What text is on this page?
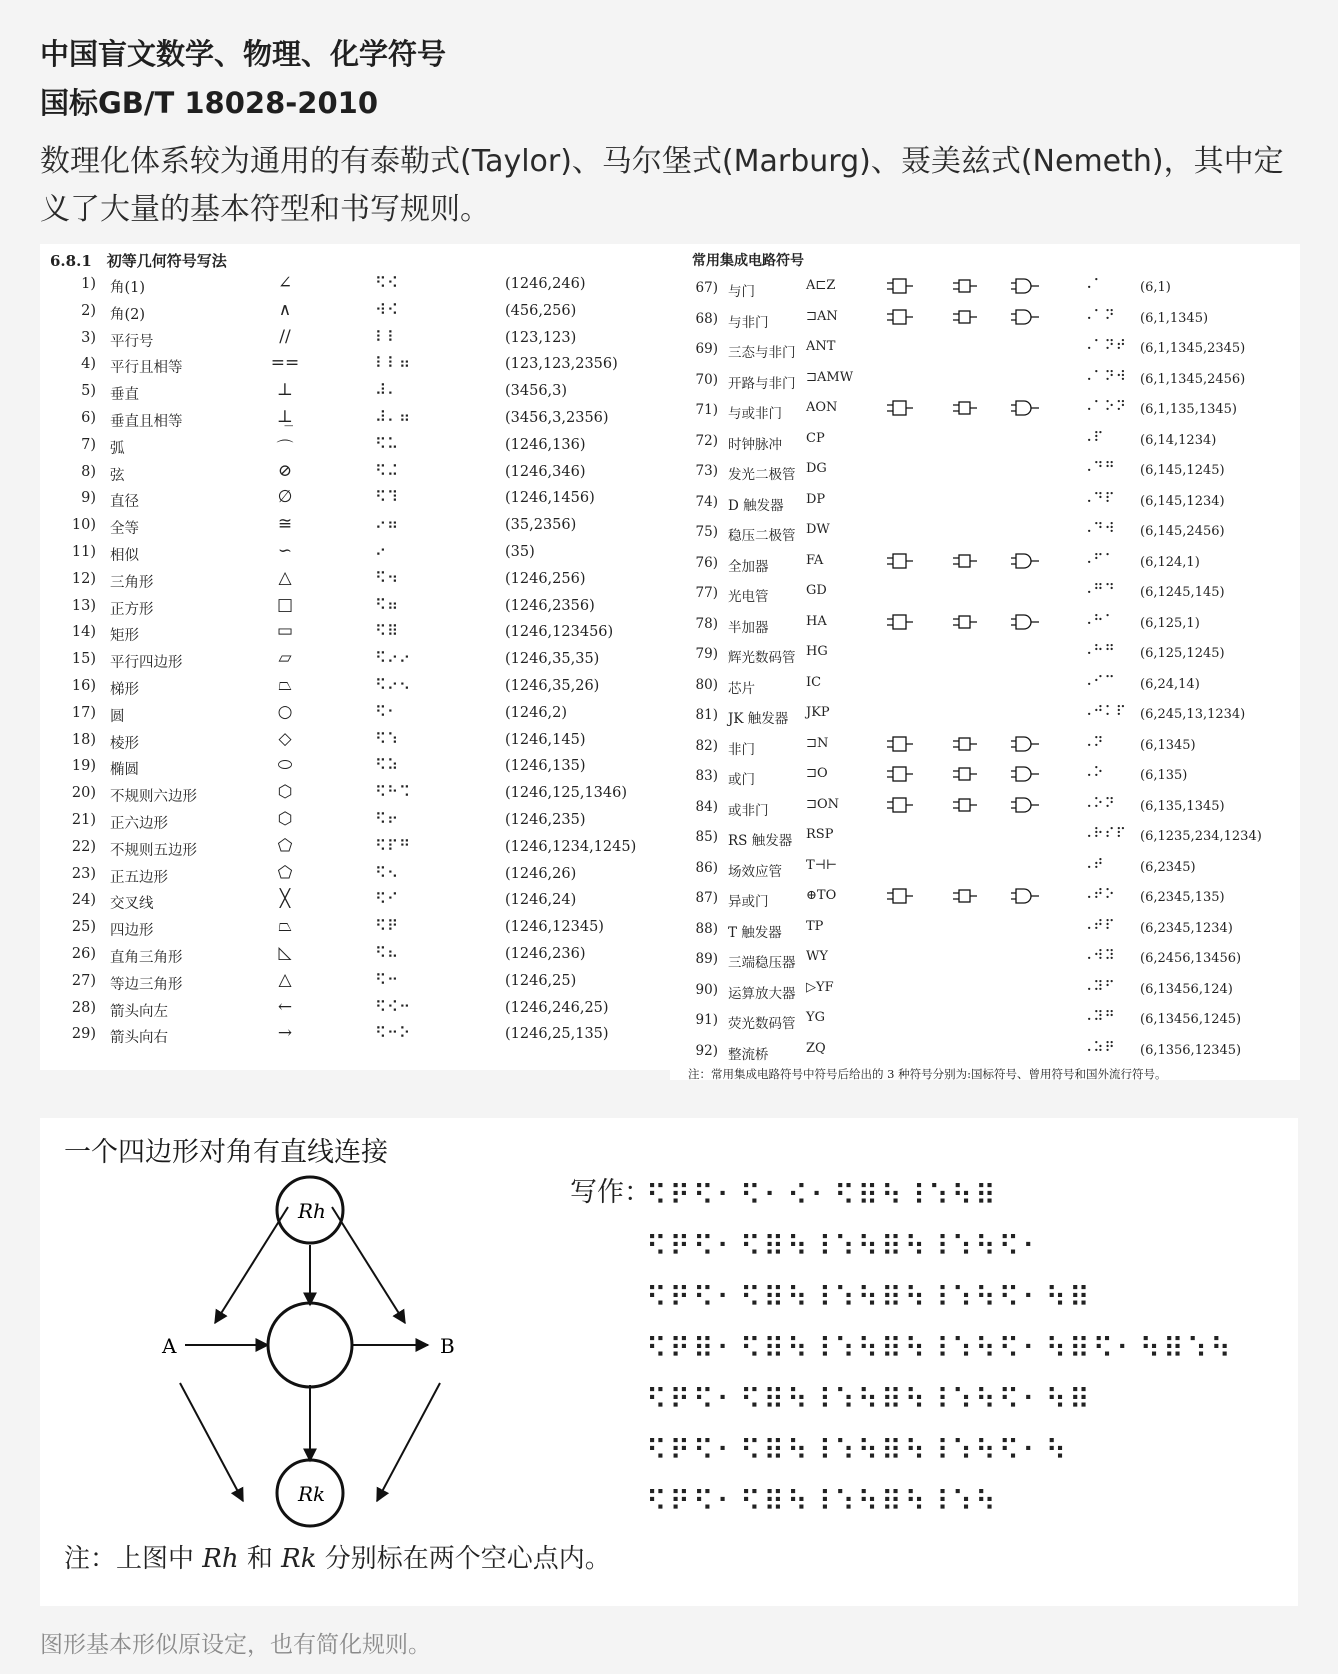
中国盲文数学、物理、化学符号
国标GB/T 18028-2010
数理化体系较为通用的有泰勒式(Taylor)、马尔堡式(Marburg)、聂美兹式(Nemeth)，其中定义了大量的基本符型和书写规则。
6.8.1　初等几何符号写法
1) 角(1)	∠	⠫⠪	(1246,246)
2) 角(2)	∧	⠺⠪	(456,256)
3) 平行号	//	⠇⠇	(123,123)
4) 平行且相等	==	⠇⠇⠶	(123,123,2356)
5) 垂直	⊥	⠼⠄	(3456,3)
6) 垂直且相等	⊥̲	⠼⠄⠶	(3456,3,2356)
7) 弧	⌒	⠫⠥	(1246,136)
8) 弦	⊘	⠫⠬	(1246,346)
9) 直径	∅	⠫⠹	(1246,1456)
10) 全等	≅	⠔⠶	(35,2356)
11) 相似	∽	⠔	(35)
12) 三角形	△	⠫⠲	(1246,256)
13) 正方形	□	⠫⠶	(1246,2356)
14) 矩形	▭	⠫⠿	(1246,123456)
15) 平行四边形	▱	⠫⠔⠔	(1246,35,35)
16) 梯形	⏢	⠫⠔⠢	(1246,35,26)
17) 圆	○	⠫⠂	(1246,2)
18) 棱形	◇	⠫⠱	(1246,145)
19) 椭圆	⬭	⠫⠵	(1246,135)
20) 不规则六边形	⬡	⠫⠓⠩	(1246,125,1346)
21) 正六边形	⬡	⠫⠖	(1246,235)
22) 不规则五边形	⬠	⠫⠏⠛	(1246,1234,1245)
23) 正五边形	⬠	⠫⠢	(1246,26)
24) 交叉线	╳	⠫⠊	(1246,24)
25) 四边形	⏢	⠫⠟	(1246,12345)
26) 直角三角形	◺	⠫⠦	(1246,236)
27) 等边三角形	△	⠫⠒	(1246,25)
28) 箭头向左	←	⠫⠪⠒	(1246,246,25)
29) 箭头向右	→	⠫⠒⠕	(1246,25,135)
常用集成电路符号
67) 与门	A⊏Z	⠠⠁	(6,1)
68) 与非门	⊐AN	⠠⠁⠝ (6,1,1345)
69) 三态与非门 ANT	⠠⠁⠝⠞ (6,1,1345,2345)
70) 开路与非门 ⊐AMW	⠠⠁⠝⠺ (6,1,1345,2456)
71) 与或非门 AON	⠠⠁⠕⠝ (6,1,135,1345)
72) 时钟脉冲 CP	⠠⠏	(6,14,1234)
73) 发光二极管 DG	⠠⠙⠛ (6,145,1245)
74) D 触发器 DP	⠠⠙⠏ (6,145,1234)
75) 稳压二极管 DW	⠠⠙⠺ (6,145,2456)
76) 全加器	FA	⠠⠋⠁ (6,124,1)
77) 光电管	GD	⠠⠛⠙ (6,1245,145)
78) 半加器	HA	⠠⠓⠁ (6,125,1)
79) 辉光数码管 HG	⠠⠓⠛ (6,125,1245)
80) 芯片	IC	⠠⠊⠉ (6,24,14)
81) JK 触发器 JKP	⠠⠚⠅⠏ (6,245,13,1234)
82) 非门	⊐N	⠠⠝	(6,1345)
83) 或门	⊐O	⠠⠕	(6,135)
84) 或非门	⊐ON	⠠⠕⠝ (6,135,1345)
85) RS 触发器 RSP	⠠⠗⠎⠏ (6,1235,234,1234)
86) 场效应管 T⊣⊢	⠠⠞	(6,2345)
87) 异或门	⊕TO	⠠⠞⠕ (6,2345,135)
88) T 触发器 TP	⠠⠞⠏ (6,2345,1234)
89) 三端稳压器 WY	⠠⠺⠽ (6,2456,13456)
90) 运算放大器 ▷YF	⠠⠽⠋ (6,13456,124)
91) 荧光数码管 YG	⠠⠽⠛ (6,13456,1245)
92) 整流桥	ZQ	⠠⠵⠟ (6,1356,12345)
注：常用集成电路符号中符号后给出的 3 种符号分别为:国标符号、曾用符号和国外流行符号。
一个四边形对角有直线连接
A	B
Rh
Rk
写作：
⠫⠟⠫⠂⠫⠂⠪⠂⠫⠿⠳⠸⠱⠳⠿
⠫⠟⠫⠂⠫⠿⠳⠸⠱⠳⠿⠳⠸⠱⠳⠫⠂
⠫⠟⠫⠂⠫⠿⠳⠸⠱⠳⠿⠳⠸⠱⠳⠫⠂⠳⠿
⠫⠟⠿⠂⠫⠿⠳⠸⠱⠳⠿⠳⠸⠱⠳⠫⠂⠳⠿⠫⠂⠳⠿⠱⠳
⠫⠟⠫⠂⠫⠿⠳⠸⠱⠳⠿⠳⠸⠱⠳⠫⠂⠳⠿
⠫⠟⠫⠂⠫⠿⠳⠸⠱⠳⠿⠳⠸⠱⠳⠫⠂⠳
⠫⠟⠫⠂⠫⠿⠳⠸⠱⠳⠿⠳⠸⠱⠳
注：上图中 Rh 和 Rk 分别标在两个空心点内。
图形基本形似原设定，也有简化规则。
